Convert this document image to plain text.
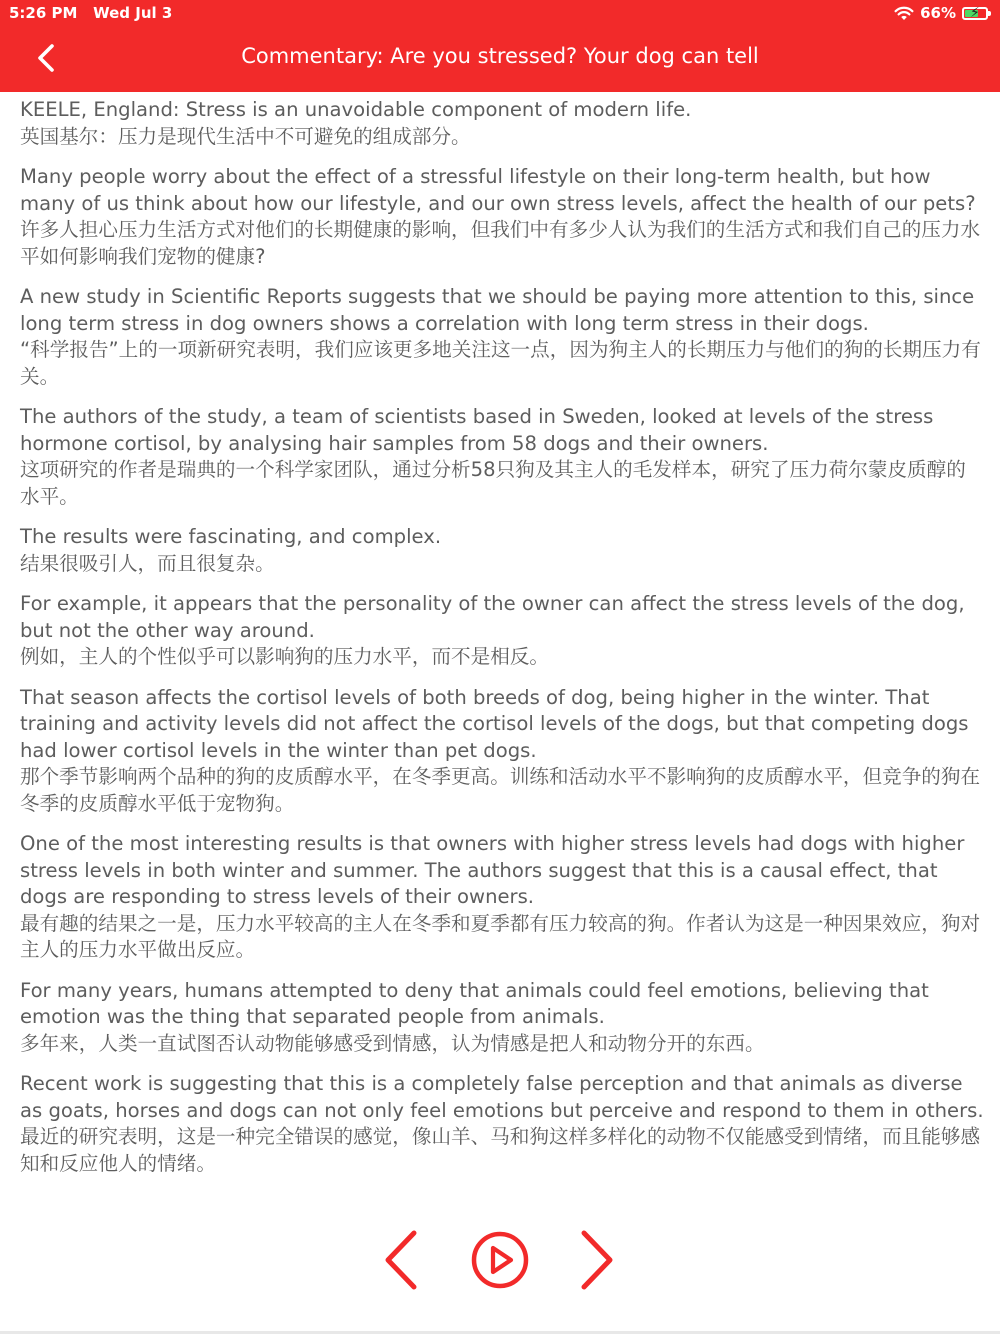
5:26 PM Wed Jul 3	66% ⚡
Commentary: Are you stressed? Your dog can tell
KEELE, England: Stress is an unavoidable component of modern life.
英国基尔：压力是现代生活中不可避免的组成部分。
Many people worry about the effect of a stressful lifestyle on their long-term health, but how many of us think about how our lifestyle, and our own stress levels, affect the health of our pets?
许多人担心压力生活方式对他们的长期健康的影响，但我们中有多少人认为我们的生活方式和我们自己的压力水平如何影响我们宠物的健康?
A new study in Scientific Reports suggests that we should be paying more attention to this, since long term stress in dog owners shows a correlation with long term stress in their dogs.
“科学报告”上的一项新研究表明，我们应该更多地关注这一点，因为狗主人的长期压力与他们的狗的长期压力有关。
The authors of the study, a team of scientists based in Sweden, looked at levels of the stress hormone cortisol, by analysing hair samples from 58 dogs and their owners.
这项研究的作者是瑞典的一个科学家团队，通过分析58只狗及其主人的毛发样本，研究了压力荷尔蒙皮质醇的水平。
The results were fascinating, and complex.
结果很吸引人，而且很复杂。
For example, it appears that the personality of the owner can affect the stress levels of the dog, but not the other way around.
例如，主人的个性似乎可以影响狗的压力水平，而不是相反。
That season affects the cortisol levels of both breeds of dog, being higher in the winter. That training and activity levels did not affect the cortisol levels of the dogs, but that competing dogs had lower cortisol levels in the winter than pet dogs.
那个季节影响两个品种的狗的皮质醇水平，在冬季更高。训练和活动水平不影响狗的皮质醇水平，但竞争的狗在冬季的皮质醇水平低于宠物狗。
One of the most interesting results is that owners with higher stress levels had dogs with higher stress levels in both winter and summer. The authors suggest that this is a causal effect, that dogs are responding to stress levels of their owners.
最有趣的结果之一是，压力水平较高的主人在冬季和夏季都有压力较高的狗。作者认为这是一种因果效应，狗对主人的压力水平做出反应。
For many years, humans attempted to deny that animals could feel emotions, believing that emotion was the thing that separated people from animals.
多年来，人类一直试图否认动物能够感受到情感，认为情感是把人和动物分开的东西。
Recent work is suggesting that this is a completely false perception and that animals as diverse as goats, horses and dogs can not only feel emotions but perceive and respond to them in others.
最近的研究表明，这是一种完全错误的感觉，像山羊、马和狗这样多样化的动物不仅能感受到情绪，而且能够感知和反应他人的情绪。
